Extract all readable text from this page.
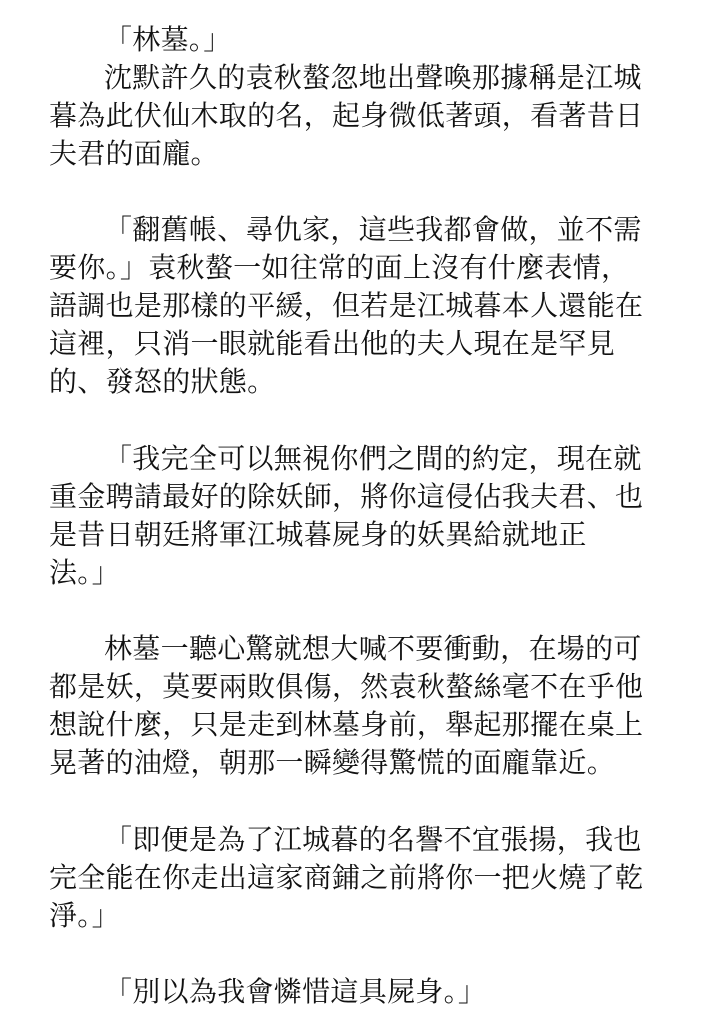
「林墓。」
沈默許久的袁秋螯忽地出聲喚那據稱是江城
暮為此伏仙木取的名，起身微低著頭，看著昔日
夫君的面龐。
「翻舊帳、尋仇家，這些我都會做，並不需
要你。」袁秋螯一如往常的面上沒有什麼表情，
語調也是那樣的平緩，但若是江城暮本人還能在
這裡，只消一眼就能看出他的夫人現在是罕見
的、發怒的狀態。
「我完全可以無視你們之間的約定，現在就
重金聘請最好的除妖師，將你這侵佔我夫君、也
是昔日朝廷將軍江城暮屍身的妖異給就地正
法。」
林墓一聽心驚就想大喊不要衝動，在場的可
都是妖，莫要兩敗俱傷，然袁秋螯絲毫不在乎他
想說什麼，只是走到林墓身前，舉起那擺在桌上
晃著的油燈，朝那一瞬變得驚慌的面龐靠近。
「即便是為了江城暮的名譽不宜張揚，我也
完全能在你走出這家商鋪之前將你一把火燒了乾
淨。」
「別以為我會憐惜這具屍身。」
